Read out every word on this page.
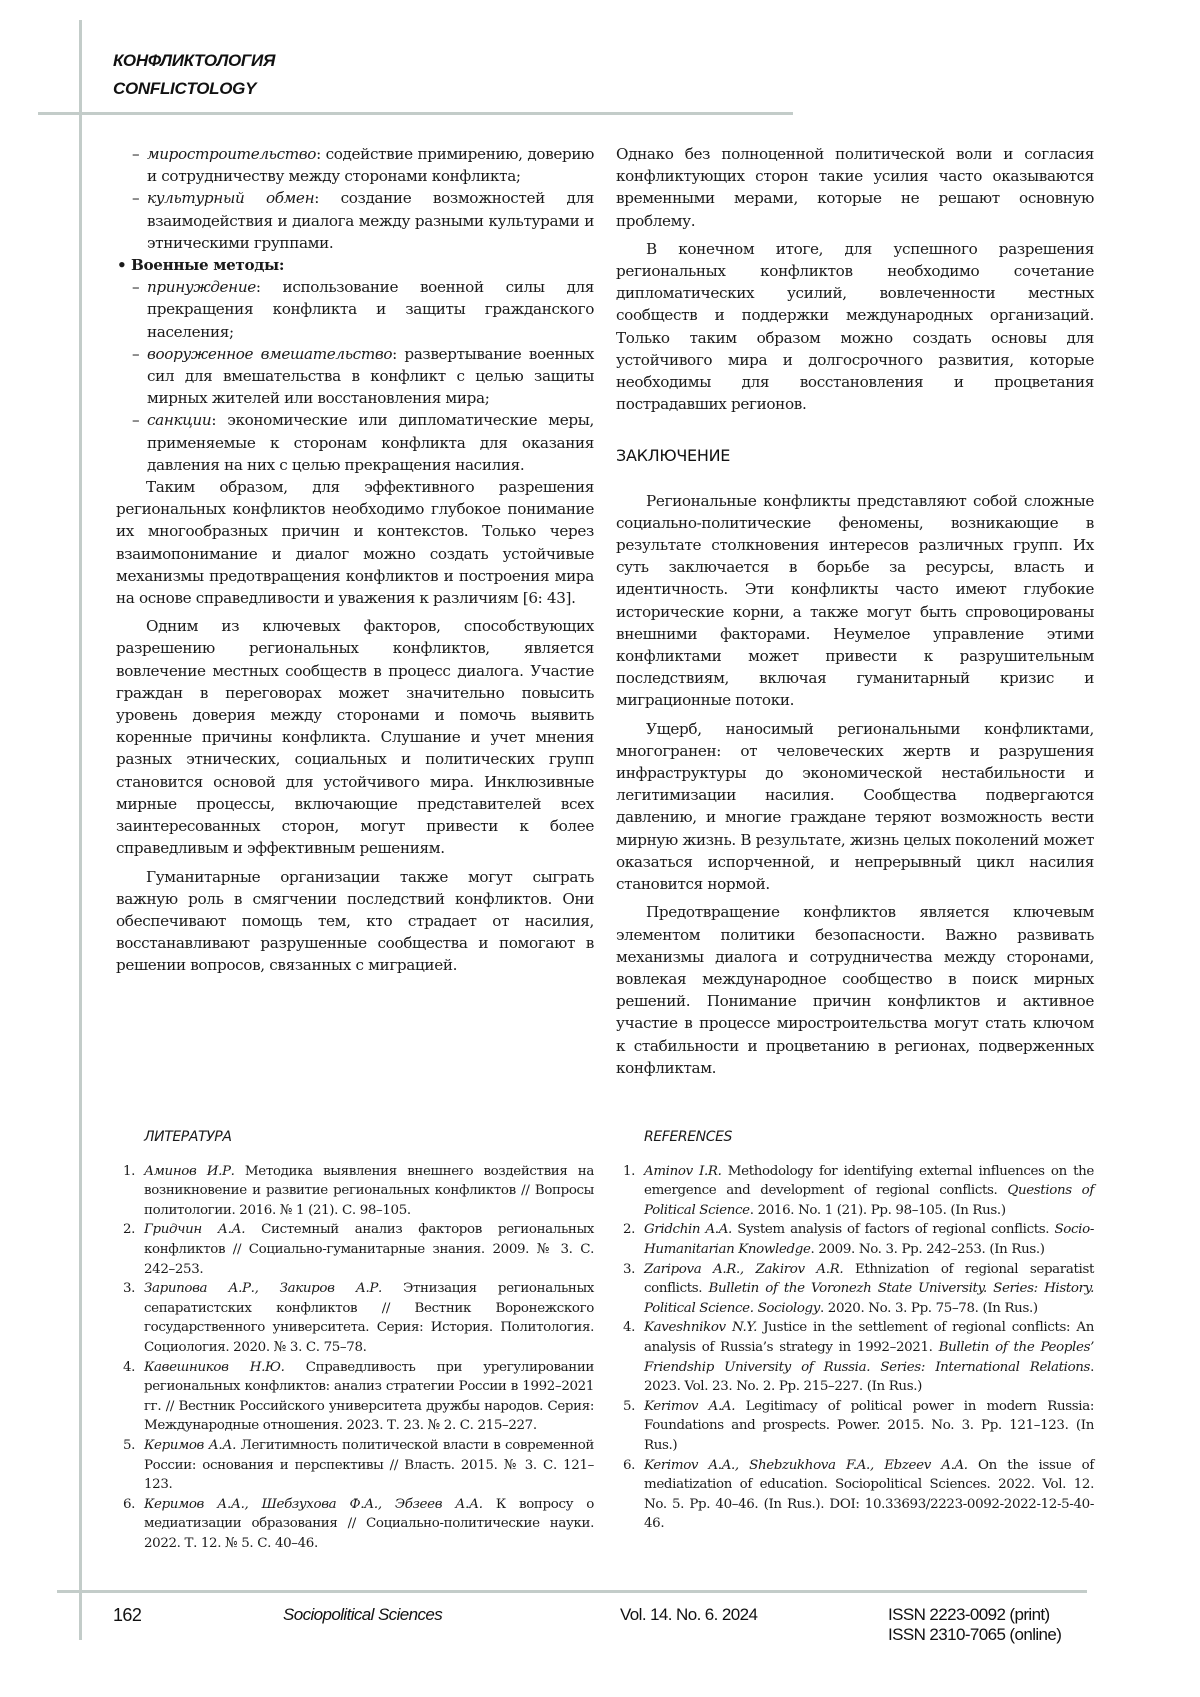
КОНФЛИКТОЛОГИЯ
CONFLICTOLOGY
– миростроительство: содействие примирению, доверию и сотрудничеству между сторонами конфликта;
– культурный обмен: создание возможностей для взаимодействия и диалога между разными культурами и этническими группами.
• Военные методы:
– принуждение: использование военной силы для прекращения конфликта и защиты гражданского населения;
– вооруженное вмешательство: развертывание военных сил для вмешательства в конфликт с целью защиты мирных жителей или восстановления мира;
– санкции: экономические или дипломатические меры, применяемые к сторонам конфликта для оказания давления на них с целью прекращения насилия.

Таким образом, для эффективного разрешения региональных конфликтов необходимо глубокое понимание их многообразных причин и контекстов. Только через взаимопонимание и диалог можно создать устойчивые механизмы предотвращения конфликтов и построения мира на основе справедливости и уважения к различиям [6: 43].

Одним из ключевых факторов, способствующих разрешению региональных конфликтов, является вовлечение местных сообществ в процесс диалога. Участие граждан в переговорах может значительно повысить уровень доверия между сторонами и помочь выявить коренные причины конфликта. Слушание и учет мнения разных этнических, социальных и политических групп становится основой для устойчивого мира. Инклюзивные мирные процессы, включающие представителей всех заинтересованных сторон, могут привести к более справедливым и эффективным решениям.

Гуманитарные организации также могут сыграть важную роль в смягчении последствий конфликтов. Они обеспечивают помощь тем, кто страдает от насилия, восстанавливают разрушенные сообщества и помогают в решении вопросов, связанных с миграцией.

Однако без полноценной политической воли и согласия конфликтующих сторон такие усилия часто оказываются временными мерами, которые не решают основную проблему.

В конечном итоге, для успешного разрешения региональных конфликтов необходимо сочетание дипломатических усилий, вовлеченности местных сообществ и поддержки международных организаций. Только таким образом можно создать основы для устойчивого мира и долгосрочного развития, которые необходимы для восстановления и процветания пострадавших регионов.

ЗАКЛЮЧЕНИЕ

Региональные конфликты представляют собой сложные социально-политические феномены, возникающие в результате столкновения интересов различных групп. Их суть заключается в борьбе за ресурсы, власть и идентичность. Эти конфликты часто имеют глубокие исторические корни, а также могут быть спровоцированы внешними факторами. Неумелое управление этими конфликтами может привести к разрушительным последствиям, включая гуманитарный кризис и миграционные потоки.

Ущерб, наносимый региональными конфликтами, многогранен: от человеческих жертв и разрушения инфраструктуры до экономической нестабильности и легитимизации насилия. Сообщества подвергаются давлению, и многие граждане теряют возможность вести мирную жизнь. В результате, жизнь целых поколений может оказаться испорченной, и непрерывный цикл насилия становится нормой.

Предотвращение конфликтов является ключевым элементом политики безопасности. Важно развивать механизмы диалога и сотрудничества между сторонами, вовлекая международное сообщество в поиск мирных решений. Понимание причин конфликтов и активное участие в процессе миростроительства могут стать ключом к стабильности и процветанию в регионах, подверженных конфликтам.

ЛИТЕРАТУРА
1. Аминов И.Р. Методика выявления внешнего воздействия на возникновение и развитие региональных конфликтов // Вопросы политологии. 2016. № 1 (21). С. 98–105.
2. Гридчин А.А. Системный анализ факторов региональных конфликтов // Социально-гуманитарные знания. 2009. № 3. С. 242–253.
3. Зарипова А.Р., Закиров А.Р. Этнизация региональных сепаратистских конфликтов // Вестник Воронежского государственного университета. Серия: История. Политология. Социология. 2020. № 3. С. 75–78.
4. Кавешников Н.Ю. Справедливость при урегулировании региональных конфликтов: анализ стратегии России в 1992–2021 гг. // Вестник Российского университета дружбы народов. Серия: Международные отношения. 2023. Т. 23. № 2. С. 215–227.
5. Керимов А.А. Легитимность политической власти в современной России: основания и перспективы // Власть. 2015. № 3. С. 121–123.
6. Керимов А.А., Шебзухова Ф.А., Эбзеев А.А. К вопросу о медиатизации образования // Социально-политические науки. 2022. Т. 12. № 5. С. 40–46.
REFERENCES
1. Aminov I.R. Methodology for identifying external influences on the emergence and development of regional conflicts. Questions of Political Science. 2016. No. 1 (21). Pp. 98–105. (In Rus.)
2. Gridchin A.A. System analysis of factors of regional conflicts. Socio-Humanitarian Knowledge. 2009. No. 3. Pp. 242–253. (In Rus.)
3. Zaripova A.R., Zakirov A.R. Ethnization of regional separatist conflicts. Bulletin of the Voronezh State University. Series: History. Political Science. Sociology. 2020. No. 3. Pp. 75–78. (In Rus.)
4. Kaveshnikov N.Y. Justice in the settlement of regional conflicts: An analysis of Russia’s strategy in 1992–2021. Bulletin of the Peoples’ Friendship University of Russia. Series: International Relations. 2023. Vol. 23. No. 2. Pp. 215–227. (In Rus.)
5. Kerimov A.A. Legitimacy of political power in modern Russia: Foundations and prospects. Power. 2015. No. 3. Pp. 121–123. (In Rus.)
6. Kerimov A.A., Shebzukhova F.A., Ebzeev A.A. On the issue of mediatization of education. Sociopolitical Sciences. 2022. Vol. 12. No. 5. Pp. 40–46. (In Rus.). DOI: 10.33693/2223-0092-2022-12-5-40-46.
162	Sociopolitical Sciences	Vol. 14. No. 6. 2024	ISSN 2223-0092 (print)
ISSN 2310-7065 (online)
